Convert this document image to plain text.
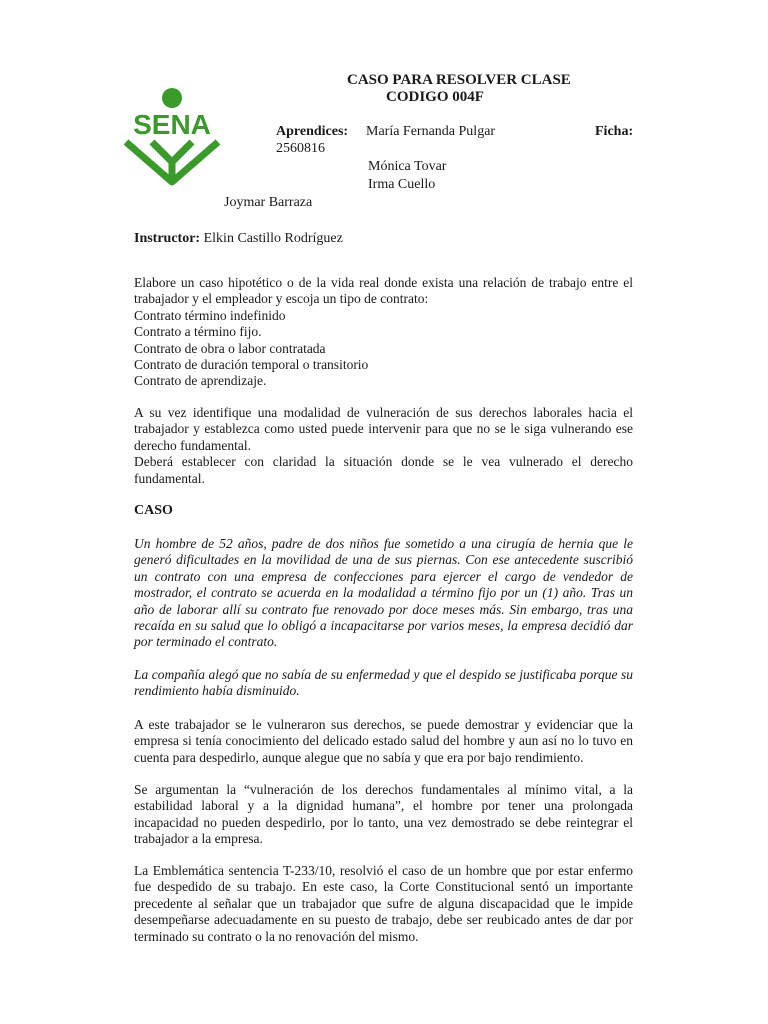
SENA
CASO PARA RESOLVER CLASE
CODIGO 004F
Aprendices: María Fernanda Pulgar	Ficha:
2560816
Mónica Tovar
Irma Cuello
Joymar Barraza
Instructor: Elkin Castillo Rodríguez

Elabore un caso hipotético o de la vida real donde exista una relación de trabajo entre el trabajador y el empleador y escoja un tipo de contrato:

Contrato término indefinido
Contrato a término fijo.
Contrato de obra o labor contratada
Contrato de duración temporal o transitorio
Contrato de aprendizaje.

A su vez identifique una modalidad de vulneración de sus derechos laborales hacia el trabajador y establezca como usted puede intervenir para que no se le siga vulnerando ese derecho fundamental.

Deberá establecer con claridad la situación donde se le vea vulnerado el derecho fundamental.

CASO

Un hombre de 52 años, padre de dos niños fue sometido a una cirugía de hernia que le generó dificultades en la movilidad de una de sus piernas. Con ese antecedente suscribió un contrato con una empresa de confecciones para ejercer el cargo de vendedor de mostrador, el contrato se acuerda en la modalidad a término fijo por un (1) año. Tras un año de laborar allí su contrato fue renovado por doce meses más. Sin embargo, tras una recaída en su salud que lo obligó a incapacitarse por varios meses, la empresa decidió dar por terminado el contrato.

La compañía alegó que no sabía de su enfermedad y que el despido se justificaba porque su rendimiento había disminuido.

A este trabajador se le vulneraron sus derechos, se puede demostrar y evidenciar que la empresa si tenía conocimiento del delicado estado salud del hombre y aun así no lo tuvo en cuenta para despedirlo, aunque alegue que no sabía y que era por bajo rendimiento.

Se argumentan la “vulneración de los derechos fundamentales al mínimo vital, a la estabilidad laboral y a la dignidad humana”, el hombre por tener una prolongada incapacidad no pueden despedirlo, por lo tanto, una vez demostrado se debe reintegrar el trabajador a la empresa.

La Emblemática sentencia T-233/10, resolvió el caso de un hombre que por estar enfermo fue despedido de su trabajo. En este caso, la Corte Constitucional sentó un importante precedente al señalar que un trabajador que sufre de alguna discapacidad que le impide desempeñarse adecuadamente en su puesto de trabajo, debe ser reubicado antes de dar por terminado su contrato o la no renovación del mismo.
